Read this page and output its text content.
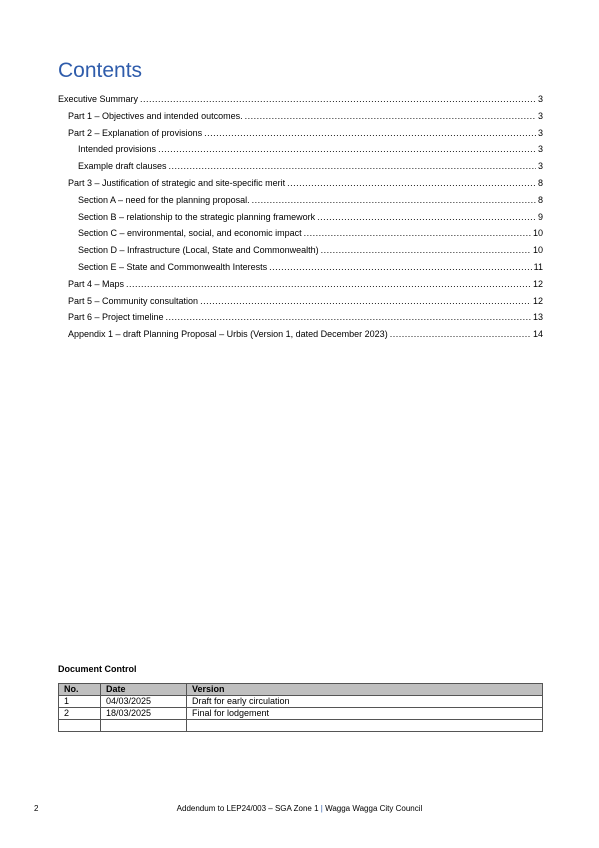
Contents
Executive Summary .....	3
Part 1 – Objectives and intended outcomes. .....	3
Part 2 – Explanation of provisions .....	3
Intended provisions .....	3
Example draft clauses .....	3
Part 3 – Justification of strategic and site-specific merit .....	8
Section A – need for the planning proposal. .....	8
Section B – relationship to the strategic planning framework .....	9
Section C – environmental, social, and economic impact .....	10
Section D – Infrastructure (Local, State and Commonwealth) .....	10
Section E – State and Commonwealth Interests .....	11
Part 4 – Maps .....	12
Part 5 – Community consultation .....	12
Part 6 – Project timeline .....	13
Appendix 1 – draft Planning Proposal – Urbis (Version 1, dated December 2023) .....	14
Document Control
No.	Date	Version
1	04/03/2025	Draft for early circulation
2	18/03/2025	Final for lodgement

2	Addendum to LEP24/003 – SGA Zone 1 | Wagga Wagga City Council
